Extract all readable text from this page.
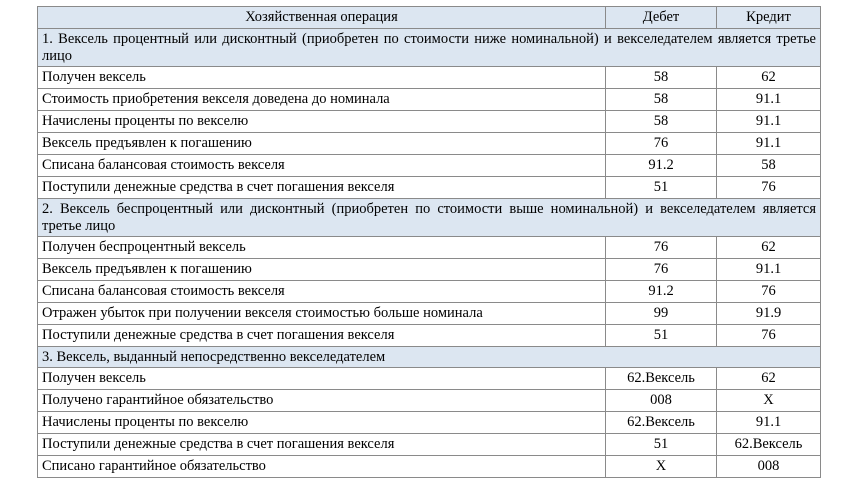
Хозяйственная операция	Дебет	Кредит
1. Вексель процентный или дисконтный (приобретен по стоимости ниже номинальной) и векселедателем является третье лицо		
Получен вексель	58	62
Стоимость приобретения векселя доведена до номинала	58	91.1
Начислены проценты по векселю	58	91.1
Вексель предъявлен к погашению	76	91.1
Списана балансовая стоимость векселя	91.2	58
Поступили денежные средства в счет погашения векселя	51	76
2. Вексель беспроцентный или дисконтный (приобретен по стоимости выше номинальной) и векселедателем является третье лицо		
Получен беспроцентный вексель	76	62
Вексель предъявлен к погашению	76	91.1
Списана балансовая стоимость векселя	91.2	76
Отражен убыток при получении векселя стоимостью больше номинала	99	91.9
Поступили денежные средства в счет погашения векселя	51	76
3. Вексель, выданный непосредственно векселедателем		
Получен вексель	62.Вексель	62
Получено гарантийное обязательство	008	X
Начислены проценты по векселю	62.Вексель	91.1
Поступили денежные средства в счет погашения векселя	51	62.Вексель
Списано гарантийное обязательство	X	008
